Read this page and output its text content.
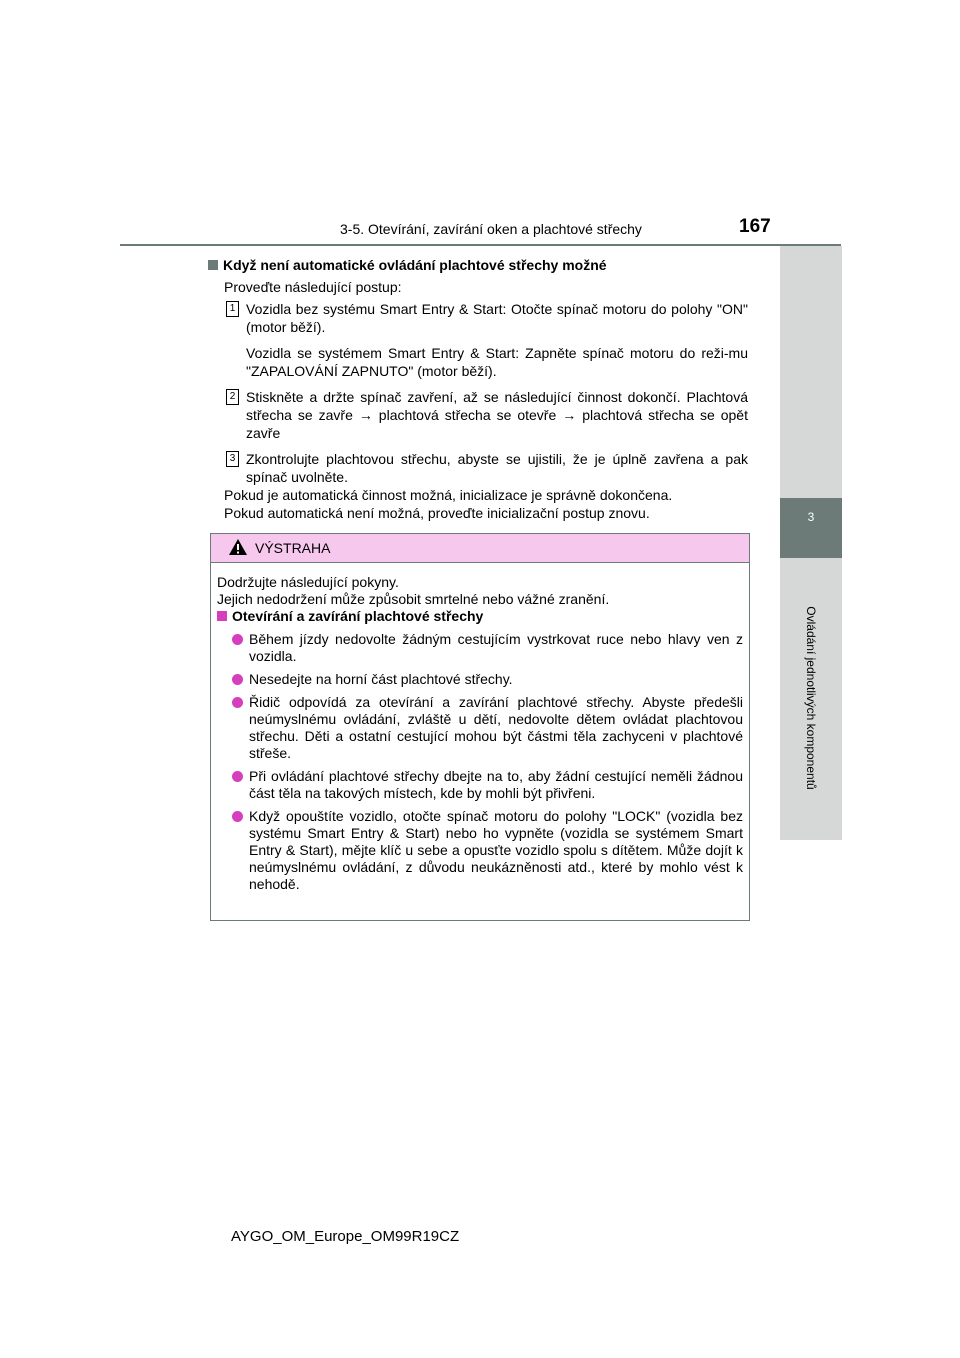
3-5. Otevírání, zavírání oken a plachtové střechy	167
3
Ovládání jednotlivých komponentů

Když není automatické ovládání plachtové střechy možné

Proveďte následující postup:

1 Vozidla bez systému Smart Entry & Start: Otočte spínač motoru do polohy "ON" (motor běží).
Vozidla se systémem Smart Entry & Start: Zapněte spínač motoru do reži-mu "ZAPALOVÁNÍ ZAPNUTO" (motor běží).
2 Stiskněte a držte spínač zavření, až se následující činnost dokončí. Plachtová střecha se zavře → plachtová střecha se otevře → plachtová střecha se opět zavře
3 Zkontrolujte plachtovou střechu, abyste se ujistili, že je úplně zavřena a pak spínač uvolněte.

Pokud je automatická činnost možná, inicializace je správně dokončena.

Pokud automatická není možná, proveďte inicializační postup znovu.

VÝSTRAHA

Dodržujte následující pokyny.

Jejich nedodržení může způsobit smrtelné nebo vážné zranění.

Otevírání a zavírání plachtové střechy

Během jízdy nedovolte žádným cestujícím vystrkovat ruce nebo hlavy ven z vozidla.
Nesedejte na horní část plachtové střechy.
Řidič odpovídá za otevírání a zavírání plachtové střechy. Abyste předešli neúmyslnému ovládání, zvláště u dětí, nedovolte dětem ovládat plachtovou střechu. Děti a ostatní cestující mohou být částmi těla zachyceni v plachtové střeše.
Při ovládání plachtové střechy dbejte na to, aby žádní cestující neměli žádnou část těla na takových místech, kde by mohli být přivřeni.
Když opouštíte vozidlo, otočte spínač motoru do polohy "LOCK" (vozidla bez systému Smart Entry & Start) nebo ho vypněte (vozidla se systémem Smart Entry & Start), mějte klíč u sebe a opusťte vozidlo spolu s dítětem. Může dojít k neúmyslnému ovládání, z důvodu neukázněnosti atd., které by mohlo vést k nehodě.
AYGO_OM_Europe_OM99R19CZ
